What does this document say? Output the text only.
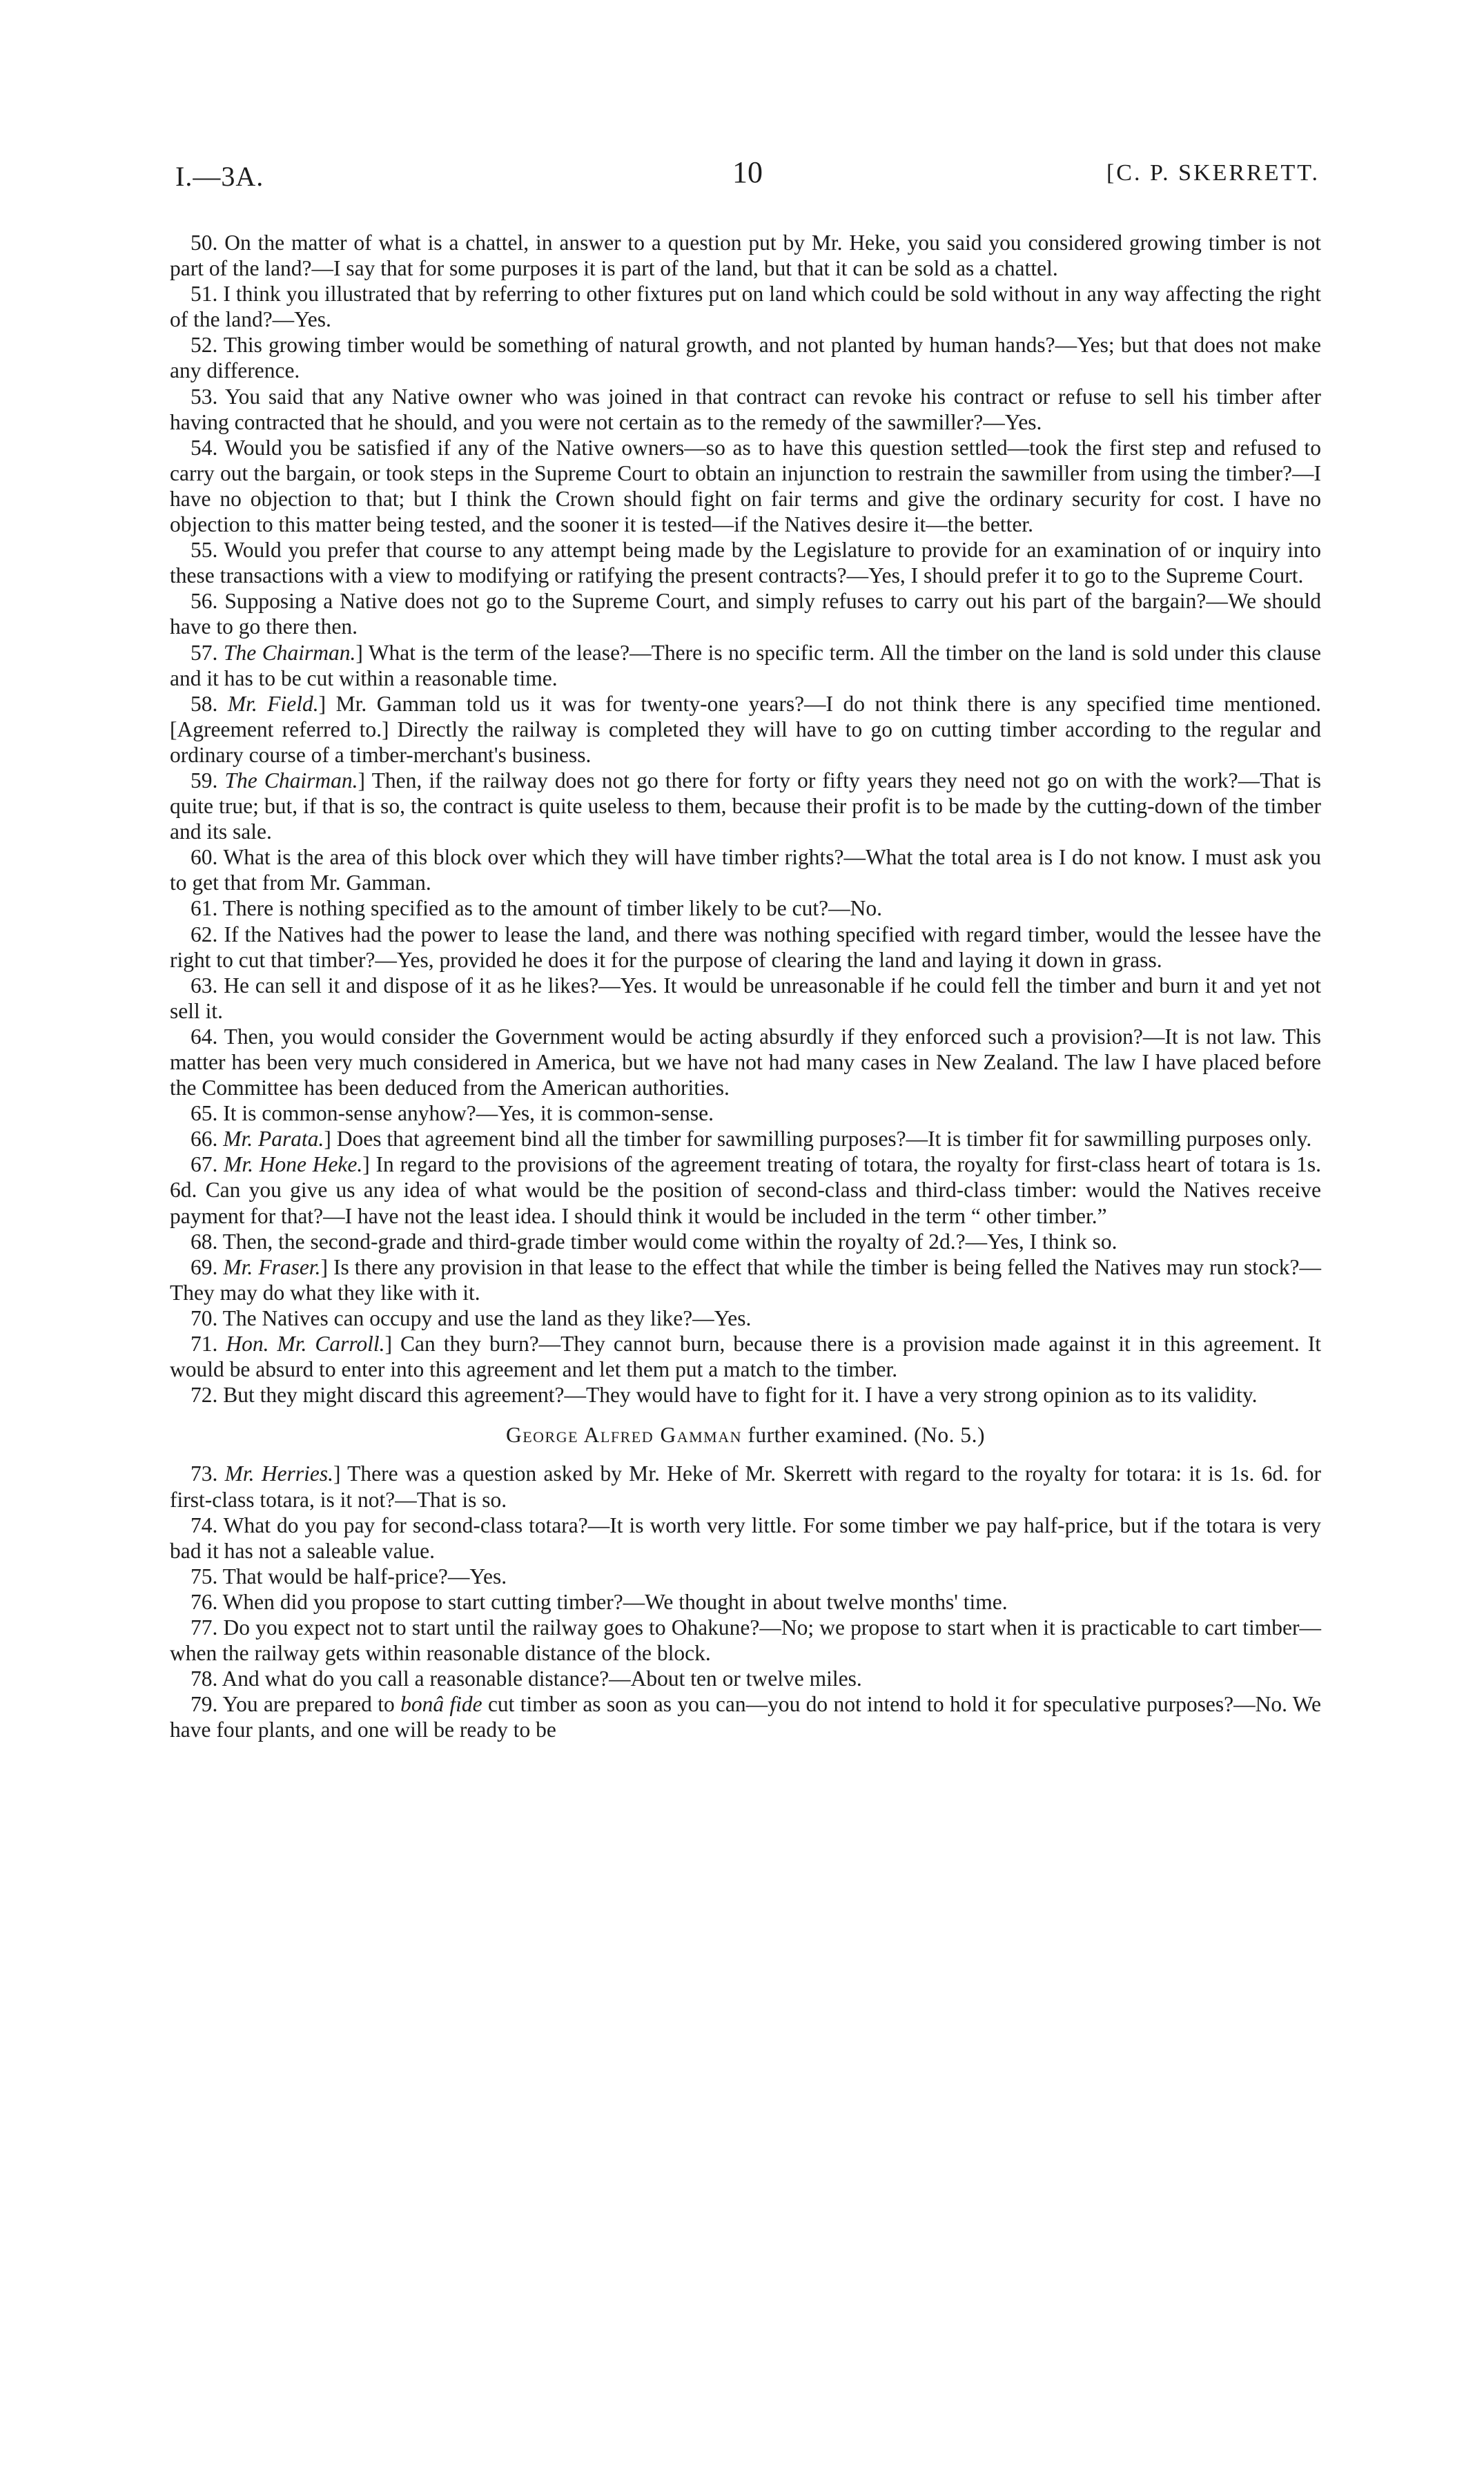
I.—3A.	10	[C. P. SKERRETT.

50. On the matter of what is a chattel, in answer to a question put by Mr. Heke, you said you considered growing timber is not part of the land?—I say that for some purposes it is part of the land, but that it can be sold as a chattel.

51. I think you illustrated that by referring to other fixtures put on land which could be sold without in any way affecting the right of the land?—Yes.

52. This growing timber would be something of natural growth, and not planted by human hands?—Yes; but that does not make any difference.

53. You said that any Native owner who was joined in that contract can revoke his contract or refuse to sell his timber after having contracted that he should, and you were not certain as to the remedy of the sawmiller?—Yes.

54. Would you be satisfied if any of the Native owners—so as to have this question settled—took the first step and refused to carry out the bargain, or took steps in the Supreme Court to obtain an injunction to restrain the sawmiller from using the timber?—I have no objection to that; but I think the Crown should fight on fair terms and give the ordinary security for cost. I have no objection to this matter being tested, and the sooner it is tested—if the Natives desire it—the better.

55. Would you prefer that course to any attempt being made by the Legislature to provide for an examination of or inquiry into these transactions with a view to modifying or ratifying the present contracts?—Yes, I should prefer it to go to the Supreme Court.

56. Supposing a Native does not go to the Supreme Court, and simply refuses to carry out his part of the bargain?—We should have to go there then.

57. The Chairman.] What is the term of the lease?—There is no specific term. All the timber on the land is sold under this clause and it has to be cut within a reasonable time.

58. Mr. Field.] Mr. Gamman told us it was for twenty-one years?—I do not think there is any specified time mentioned. [Agreement referred to.] Directly the railway is completed they will have to go on cutting timber according to the regular and ordinary course of a timber-merchant's business.

59. The Chairman.] Then, if the railway does not go there for forty or fifty years they need not go on with the work?—That is quite true; but, if that is so, the contract is quite useless to them, because their profit is to be made by the cutting-down of the timber and its sale.

60. What is the area of this block over which they will have timber rights?—What the total area is I do not know. I must ask you to get that from Mr. Gamman.

61. There is nothing specified as to the amount of timber likely to be cut?—No.

62. If the Natives had the power to lease the land, and there was nothing specified with regard timber, would the lessee have the right to cut that timber?—Yes, provided he does it for the purpose of clearing the land and laying it down in grass.

63. He can sell it and dispose of it as he likes?—Yes. It would be unreasonable if he could fell the timber and burn it and yet not sell it.

64. Then, you would consider the Government would be acting absurdly if they enforced such a provision?—It is not law. This matter has been very much considered in America, but we have not had many cases in New Zealand. The law I have placed before the Committee has been deduced from the American authorities.

65. It is common-sense anyhow?—Yes, it is common-sense.

66. Mr. Parata.] Does that agreement bind all the timber for sawmilling purposes?—It is timber fit for sawmilling purposes only.

67. Mr. Hone Heke.] In regard to the provisions of the agreement treating of totara, the royalty for first-class heart of totara is 1s. 6d. Can you give us any idea of what would be the position of second-class and third-class timber: would the Natives receive payment for that?—I have not the least idea. I should think it would be included in the term “ other timber.”

68. Then, the second-grade and third-grade timber would come within the royalty of 2d.?—Yes, I think so.

69. Mr. Fraser.] Is there any provision in that lease to the effect that while the timber is being felled the Natives may run stock?—They may do what they like with it.

70. The Natives can occupy and use the land as they like?—Yes.

71. Hon. Mr. Carroll.] Can they burn?—They cannot burn, because there is a provision made against it in this agreement. It would be absurd to enter into this agreement and let them put a match to the timber.

72. But they might discard this agreement?—They would have to fight for it. I have a very strong opinion as to its validity.

George Alfred Gamman further examined. (No. 5.)

73. Mr. Herries.] There was a question asked by Mr. Heke of Mr. Skerrett with regard to the royalty for totara: it is 1s. 6d. for first-class totara, is it not?—That is so.

74. What do you pay for second-class totara?—It is worth very little. For some timber we pay half-price, but if the totara is very bad it has not a saleable value.

75. That would be half-price?—Yes.

76. When did you propose to start cutting timber?—We thought in about twelve months' time.

77. Do you expect not to start until the railway goes to Ohakune?—No; we propose to start when it is practicable to cart timber—when the railway gets within reasonable distance of the block.

78. And what do you call a reasonable distance?—About ten or twelve miles.

79. You are prepared to bonâ fide cut timber as soon as you can—you do not intend to hold it for speculative purposes?—No. We have four plants, and one will be ready to be
